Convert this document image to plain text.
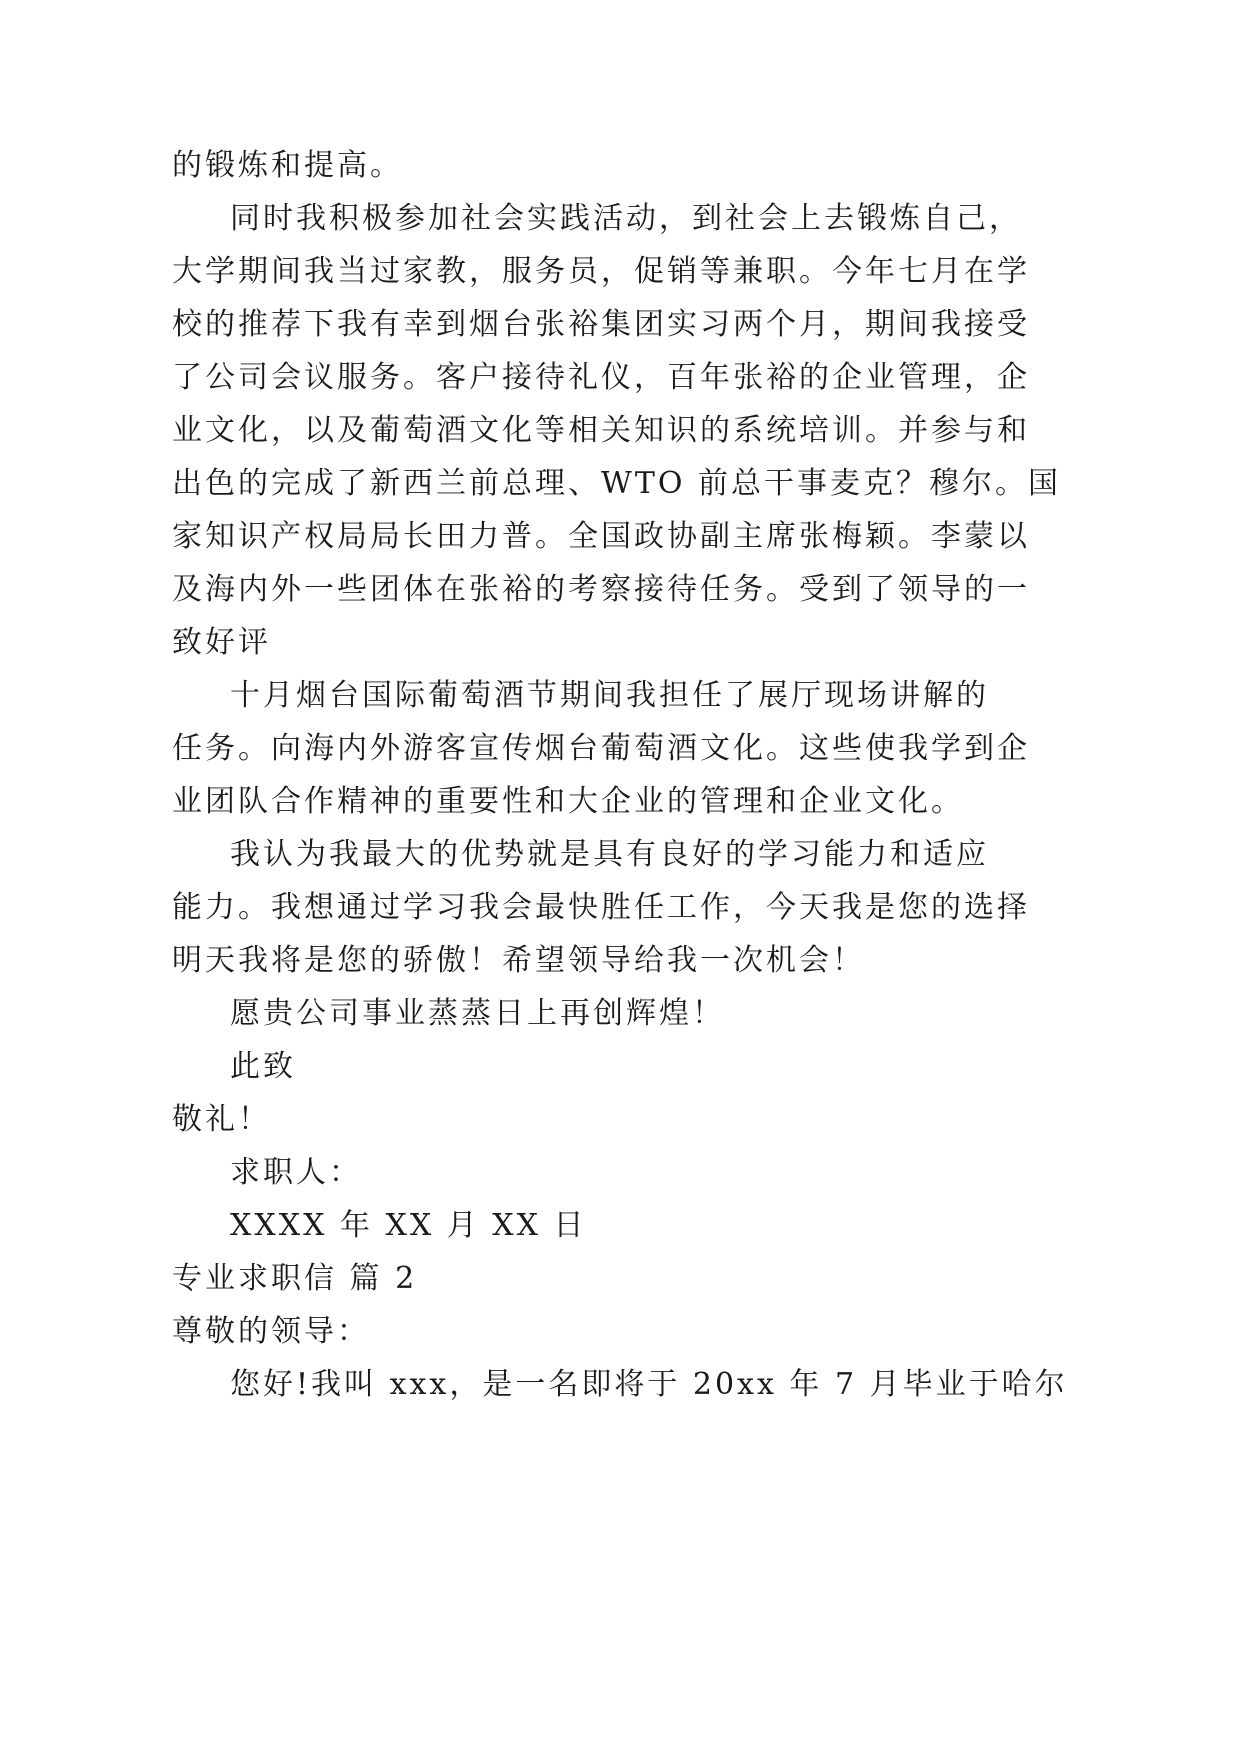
的锻炼和提高。
同时我积极参加社会实践活动，到社会上去锻炼自己，
大学期间我当过家教，服务员，促销等兼职。今年七月在学
校的推荐下我有幸到烟台张裕集团实习两个月，期间我接受
了公司会议服务。客户接待礼仪，百年张裕的企业管理，企
业文化，以及葡萄酒文化等相关知识的系统培训。并参与和
出色的完成了新西兰前总理、WTO 前总干事麦克？穆尔。国
家知识产权局局长田力普。全国政协副主席张梅颖。李蒙以
及海内外一些团体在张裕的考察接待任务。受到了领导的一
致好评
十月烟台国际葡萄酒节期间我担任了展厅现场讲解的
任务。向海内外游客宣传烟台葡萄酒文化。这些使我学到企
业团队合作精神的重要性和大企业的管理和企业文化。
我认为我最大的优势就是具有良好的学习能力和适应
能力。我想通过学习我会最快胜任工作，今天我是您的选择
明天我将是您的骄傲！希望领导给我一次机会！
愿贵公司事业蒸蒸日上再创辉煌！
此致
敬礼！
求职人：
XXXX 年 XX 月 XX 日
专业求职信 篇 2
尊敬的领导：
您好!我叫 xxx，是一名即将于 20xx 年 7 月毕业于哈尔
